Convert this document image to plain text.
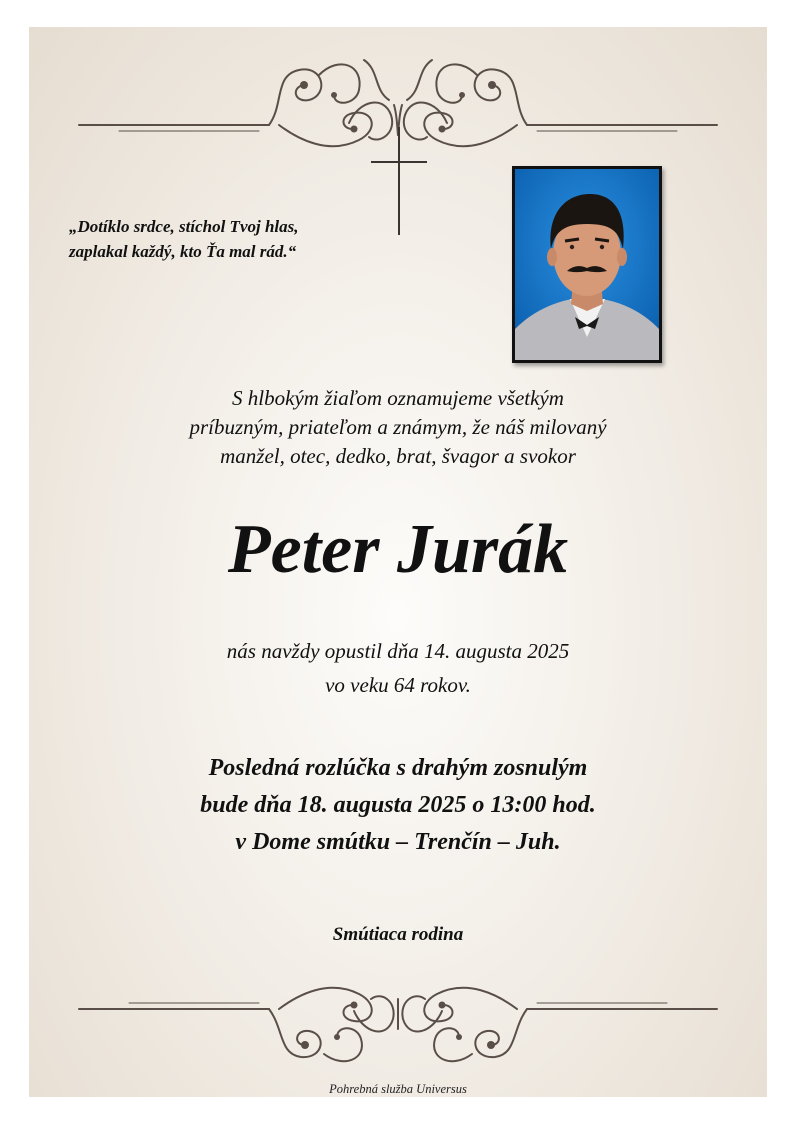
„Dotíklo srdce, stíchol Tvoj hlas,
zaplakal každý, kto Ťa mal rád.“
S hlbokým žiaľom oznamujeme všetkým
príbuzným, priateľom a známym, že náš milovaný
manžel, otec, dedko, brat, švagor a svokor
Peter Jurák
nás navždy opustil dňa 14. augusta 2025
vo veku 64 rokov.
Posledná rozlúčka s drahým zosnulým
bude dňa 18. augusta 2025 o 13:00 hod.
v Dome smútku – Trenčín – Juh.
Smútiaca rodina
Pohrebná služba Universus
